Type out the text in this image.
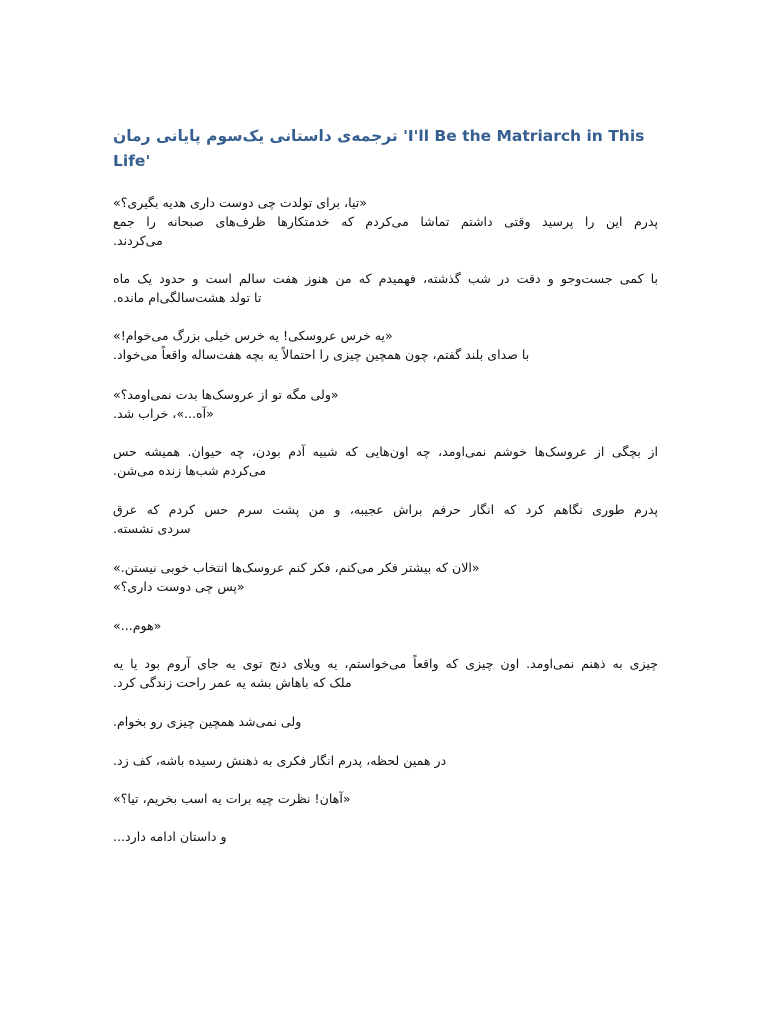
ترجمه‌ی داستانی یک‌سوم پایانی رمان 'I'll Be the Matriarch in This
Life'
«تیا، برای تولدت چی دوست داری هدیه بگیری؟»
پدرم این را پرسید وقتی داشتم تماشا می‌کردم که خدمتکارها ظرف‌های صبحانه را جمع
می‌کردند.
با کمی جست‌وجو و دقت در شب گذشته، فهمیدم که من هنوز هفت سالم است و حدود یک ماه
تا تولد هشت‌سالگی‌ام مانده.
«یه خرس عروسکی! یه خرس خیلی بزرگ می‌خوام!»
با صدای بلند گفتم، چون همچین چیزی را احتمالاً یه بچه هفت‌ساله واقعاً می‌خواد.
«ولی مگه تو از عروسک‌ها بدت نمی‌اومد؟»
«آه...»، خراب شد.
از بچگی از عروسک‌ها خوشم نمی‌اومد، چه اون‌هایی که شبیه آدم بودن، چه حیوان. همیشه حس
می‌کردم شب‌ها زنده می‌شن.
پدرم طوری نگاهم کرد که انگار حرفم براش عجیبه، و من پشت سرم حس کردم که عرق
سردی نشسته.
«الان که بیشتر فکر می‌کنم، فکر کنم عروسک‌ها انتخاب خوبی نیستن.»
«پس چی دوست داری؟»
«هوم...»
چیزی به ذهنم نمی‌اومد. اون چیزی که واقعاً می‌خواستم، یه ویلای دنج توی یه جای آروم بود یا یه
ملک که باهاش بشه یه عمر راحت زندگی کرد.
ولی نمی‌شد همچین چیزی رو بخوام.
در همین لحظه، پدرم انگار فکری به ذهنش رسیده باشه، کف زد.
«آهان! نظرت چیه برات یه اسب بخریم، تیا؟»
و داستان ادامه دارد...
